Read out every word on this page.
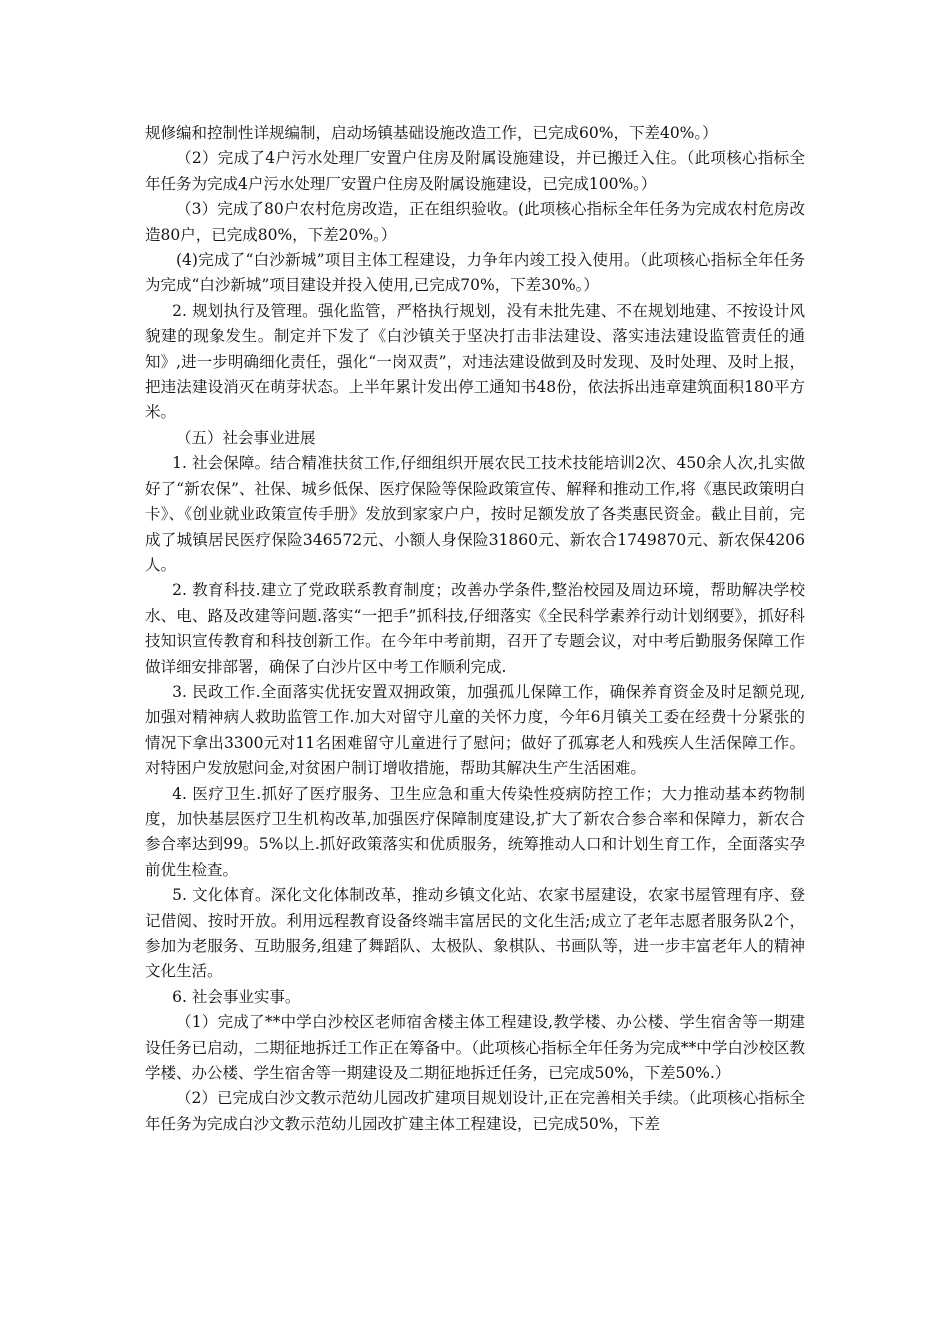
规修编和控制性详规编制，启动场镇基础设施改造工作，已完成60%，下差40%。）

（2）完成了4户污水处理厂安置户住房及附属设施建设，并已搬迁入住。（此项核心指标全年任务为完成4户污水处理厂安置户住房及附属设施建设，已完成100%。）

（3）完成了80户农村危房改造，正在组织验收。(此项核心指标全年任务为完成农村危房改造80户，已完成80%，下差20%。）

(4)完成了“白沙新城”项目主体工程建设，力争年内竣工投入使用。（此项核心指标全年任务为完成“白沙新城”项目建设并投入使用,已完成70%，下差30%。）

2. 规划执行及管理。强化监管，严格执行规划，没有未批先建、不在规划地建、不按设计风貌建的现象发生。制定并下发了《白沙镇关于坚决打击非法建设、落实违法建设监管责任的通知》,进一步明确细化责任，强化“一岗双责”，对违法建设做到及时发现、及时处理、及时上报，把违法建设消灭在萌芽状态。上半年累计发出停工通知书48份，依法拆出违章建筑面积180平方米。

（五）社会事业进展

1. 社会保障。结合精准扶贫工作,仔细组织开展农民工技术技能培训2次、450余人次,扎实做好了“新农保”、社保、城乡低保、医疗保险等保险政策宣传、解释和推动工作,将《惠民政策明白卡》、《创业就业政策宣传手册》发放到家家户户，按时足额发放了各类惠民资金。截止目前，完成了城镇居民医疗保险346572元、小额人身保险31860元、新农合1749870元、新农保4206人。

2. 教育科技.建立了党政联系教育制度；改善办学条件,整治校园及周边环境，帮助解决学校水、电、路及改建等问题.落实“一把手”抓科技,仔细落实《全民科学素养行动计划纲要》，抓好科技知识宣传教育和科技创新工作。在今年中考前期，召开了专题会议，对中考后勤服务保障工作做详细安排部署，确保了白沙片区中考工作顺利完成.

3. 民政工作.全面落实优抚安置双拥政策，加强孤儿保障工作，确保养育资金及时足额兑现,加强对精神病人救助监管工作.加大对留守儿童的关怀力度，今年6月镇关工委在经费十分紧张的情况下拿出3300元对11名困难留守儿童进行了慰问；做好了孤寡老人和残疾人生活保障工作。对特困户发放慰问金,对贫困户制订增收措施，帮助其解决生产生活困难。

4. 医疗卫生.抓好了医疗服务、卫生应急和重大传染性疫病防控工作；大力推动基本药物制度，加快基层医疗卫生机构改革,加强医疗保障制度建设,扩大了新农合参合率和保障力，新农合参合率达到99。5%以上.抓好政策落实和优质服务，统筹推动人口和计划生育工作，全面落实孕前优生检查。

5. 文化体育。深化文化体制改革，推动乡镇文化站、农家书屋建设，农家书屋管理有序、登记借阅、按时开放。利用远程教育设备终端丰富居民的文化生活;成立了老年志愿者服务队2个，参加为老服务、互助服务,组建了舞蹈队、太极队、象棋队、书画队等，进一步丰富老年人的精神文化生活。

6. 社会事业实事。

（1）完成了**中学白沙校区老师宿舍楼主体工程建设,教学楼、办公楼、学生宿舍等一期建设任务已启动，二期征地拆迁工作正在筹备中。（此项核心指标全年任务为完成**中学白沙校区教学楼、办公楼、学生宿舍等一期建设及二期征地拆迁任务，已完成50%，下差50%.）

（2）已完成白沙文教示范幼儿园改扩建项目规划设计,正在完善相关手续。（此项核心指标全年任务为完成白沙文教示范幼儿园改扩建主体工程建设，已完成50%，下差
